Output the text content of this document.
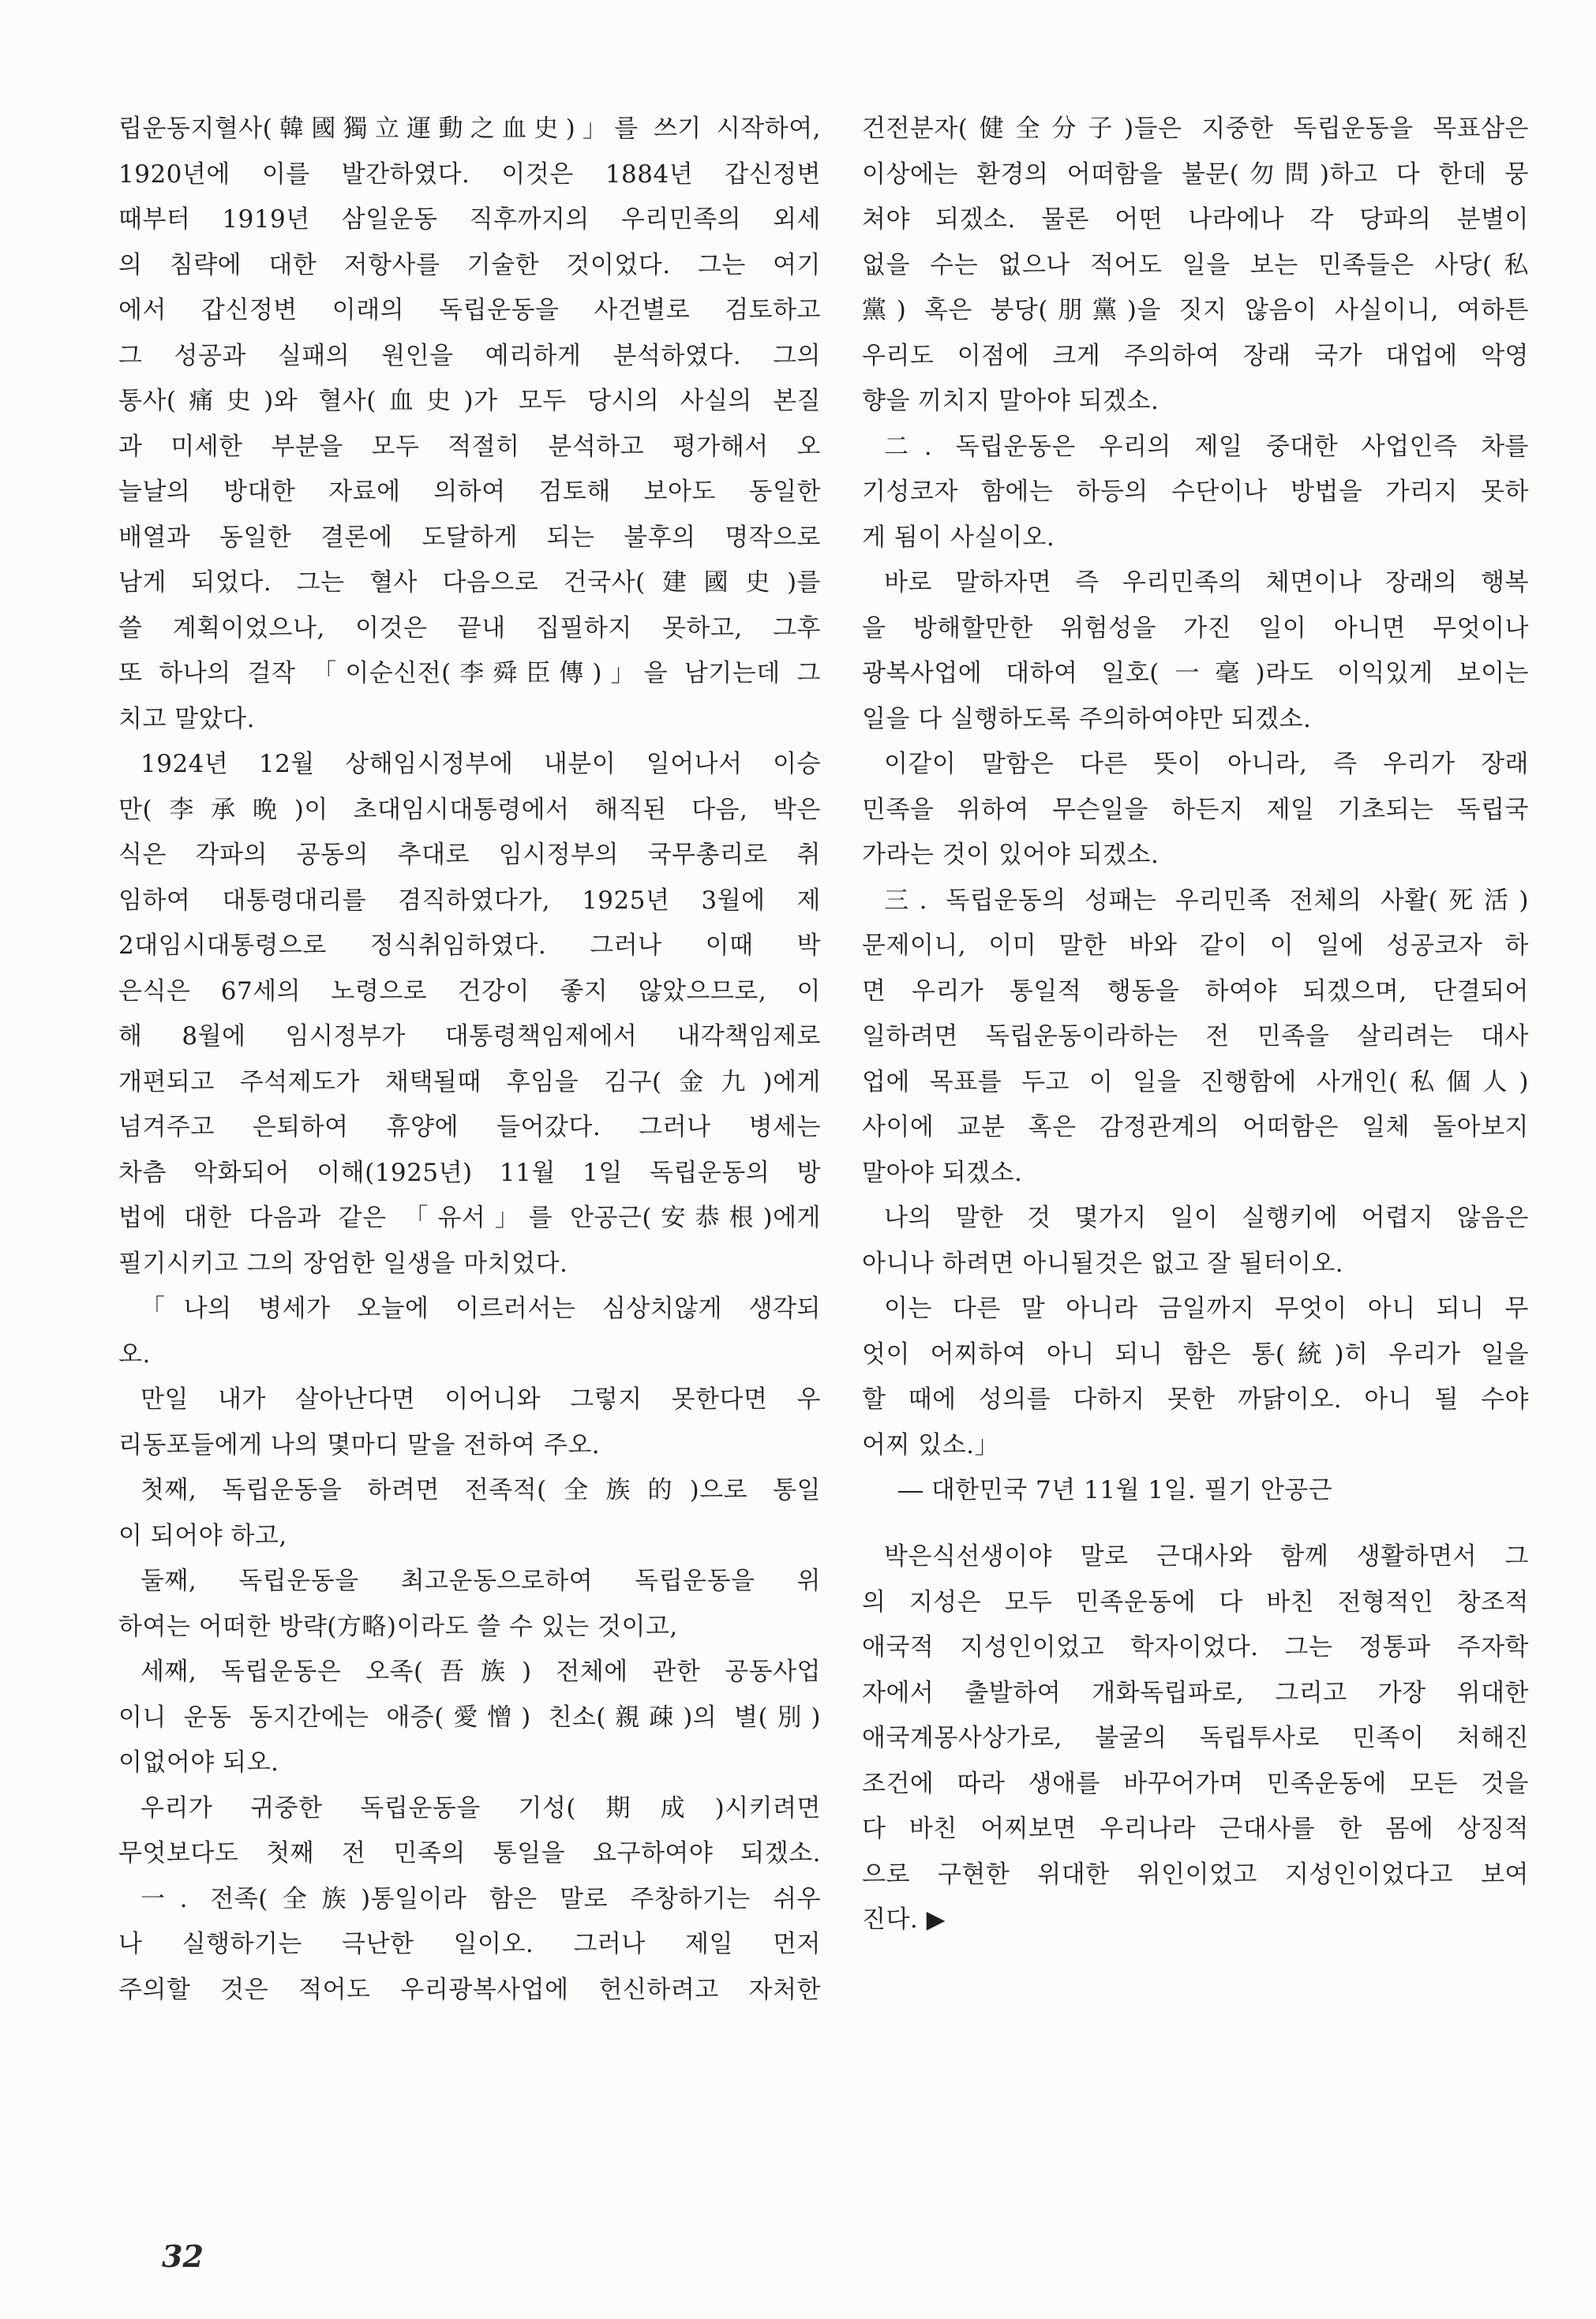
립운동지혈사(韓國獨立運動之血史)」를 쓰기 시작하여,
1920년에 이를 발간하였다. 이것은 1884년 갑신정변
때부터 1919년 삼일운동 직후까지의 우리민족의 외세
의 침략에 대한 저항사를 기술한 것이었다. 그는 여기
에서 갑신정변 이래의 독립운동을 사건별로 검토하고
그 성공과 실패의 원인을 예리하게 분석하였다. 그의
통사(痛史)와 혈사(血史)가 모두 당시의 사실의 본질
과 미세한 부분을 모두 적절히 분석하고 평가해서 오
늘날의 방대한 자료에 의하여 검토해 보아도 동일한
배열과 동일한 결론에 도달하게 되는 불후의 명작으로
남게 되었다. 그는 혈사 다음으로 건국사(建國史)를
쓸 계획이었으나, 이것은 끝내 집필하지 못하고, 그후
또 하나의 걸작 「이순신전(李舜臣傳)」을 남기는데 그
치고 말았다.
1924년 12월 상해임시정부에 내분이 일어나서 이승
만(李承晩)이 초대임시대통령에서 해직된 다음, 박은
식은 각파의 공동의 추대로 임시정부의 국무총리로 취
임하여 대통령대리를 겸직하였다가, 1925년 3월에 제
2대임시대통령으로 정식취임하였다. 그러나 이때 박
은식은 67세의 노령으로 건강이 좋지 않았으므로, 이
해 8월에 임시정부가 대통령책임제에서 내각책임제로
개편되고 주석제도가 채택될때 후임을 김구(金九)에게
넘겨주고 은퇴하여 휴양에 들어갔다. 그러나 병세는
차츰 악화되어 이해(1925년) 11월 1일 독립운동의 방
법에 대한 다음과 같은 「유서」를 안공근(安恭根)에게
필기시키고 그의 장엄한 일생을 마치었다.
「나의 병세가 오늘에 이르러서는 심상치않게 생각되
오.
만일 내가 살아난다면 이어니와 그렇지 못한다면 우
리동포들에게 나의 몇마디 말을 전하여 주오.
첫째, 독립운동을 하려면 전족적(全族的)으로 통일
이 되어야 하고,
둘째, 독립운동을 최고운동으로하여 독립운동을 위
하여는 어떠한 방략(方略)이라도 쓸 수 있는 것이고,
세째, 독립운동은 오족(吾族) 전체에 관한 공동사업
이니 운동 동지간에는 애증(愛憎) 친소(親疎)의 별(別)
이없어야 되오.
우리가 귀중한 독립운동을 기성(期成)시키려면
무엇보다도 첫째 전 민족의 통일을 요구하여야 되겠소.
一. 전족(全族)통일이라 함은 말로 주창하기는 쉬우
나 실행하기는 극난한 일이오. 그러나 제일 먼저
주의할 것은 적어도 우리광복사업에 헌신하려고 자처한
건전분자(健全分子)들은 지중한 독립운동을 목표삼은
이상에는 환경의 어떠함을 불문(勿問)하고 다 한데 뭉
쳐야 되겠소. 물론 어떤 나라에나 각 당파의 분별이
없을 수는 없으나 적어도 일을 보는 민족들은 사당(私
黨) 혹은 붕당(朋黨)을 짓지 않음이 사실이니, 여하튼
우리도 이점에 크게 주의하여 장래 국가 대업에 악영
향을 끼치지 말아야 되겠소.
二. 독립운동은 우리의 제일 중대한 사업인즉 차를
기성코자 함에는 하등의 수단이나 방법을 가리지 못하
게 됨이 사실이오.
바로 말하자면 즉 우리민족의 체면이나 장래의 행복
을 방해할만한 위험성을 가진 일이 아니면 무엇이나
광복사업에 대하여 일호(一毫)라도 이익있게 보이는
일을 다 실행하도록 주의하여야만 되겠소.
이같이 말함은 다른 뜻이 아니라, 즉 우리가 장래
민족을 위하여 무슨일을 하든지 제일 기초되는 독립국
가라는 것이 있어야 되겠소.
三. 독립운동의 성패는 우리민족 전체의 사활(死活)
문제이니, 이미 말한 바와 같이 이 일에 성공코자 하
면 우리가 통일적 행동을 하여야 되겠으며, 단결되어
일하려면 독립운동이라하는 전 민족을 살리려는 대사
업에 목표를 두고 이 일을 진행함에 사개인(私個人)
사이에 교분 혹은 감정관계의 어떠함은 일체 돌아보지
말아야 되겠소.
나의 말한 것 몇가지 일이 실행키에 어렵지 않음은
아니나 하려면 아니될것은 없고 잘 될터이오.
이는 다른 말 아니라 금일까지 무엇이 아니 되니 무
엇이 어찌하여 아니 되니 함은 통(統)히 우리가 일을
할 때에 성의를 다하지 못한 까닭이오. 아니 될 수야
어찌 있소.」
― 대한민국 7년 11월 1일. 필기 안공근
박은식선생이야 말로 근대사와 함께 생활하면서 그
의 지성은 모두 민족운동에 다 바친 전형적인 창조적
애국적 지성인이었고 학자이었다. 그는 정통파 주자학
자에서 출발하여 개화독립파로, 그리고 가장 위대한
애국계몽사상가로, 불굴의 독립투사로 민족이 처해진
조건에 따라 생애를 바꾸어가며 민족운동에 모든 것을
다 바친 어찌보면 우리나라 근대사를 한 몸에 상징적
으로 구현한 위대한 위인이었고 지성인이었다고 보여
진다. ▶
32
